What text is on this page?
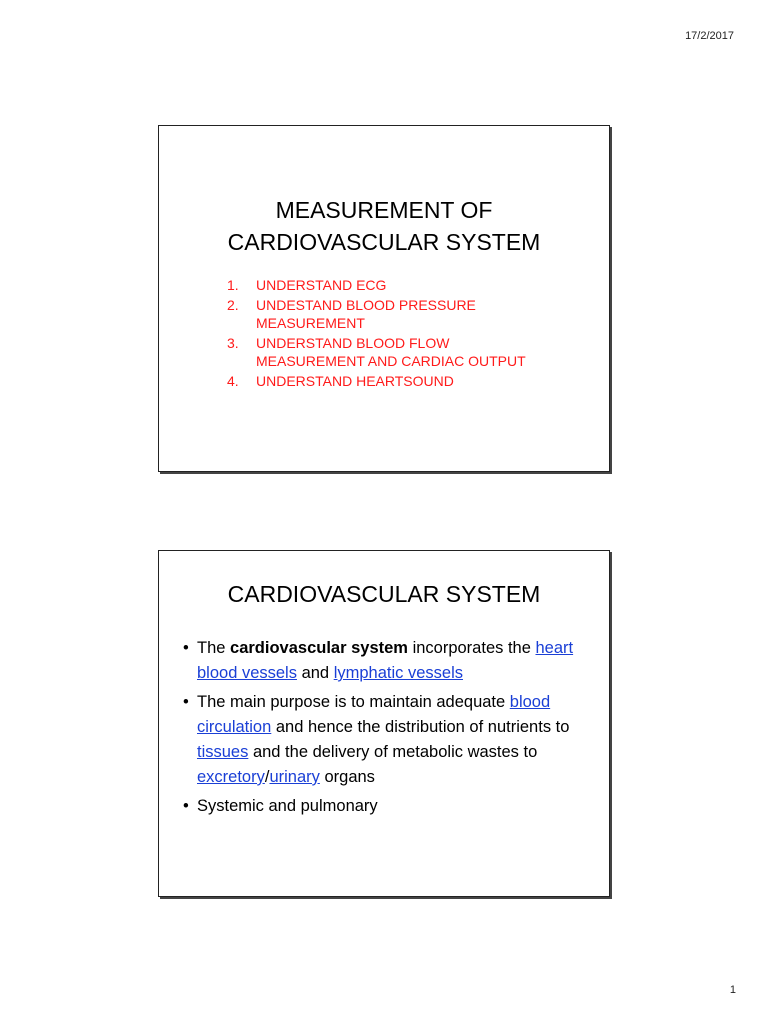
17/2/2017
MEASUREMENT OF
CARDIOVASCULAR SYSTEM
1.	UNDERSTAND ECG
2.	UNDESTAND BLOOD PRESSURE MEASUREMENT
3.	UNDERSTAND BLOOD FLOW MEASUREMENT AND CARDIAC OUTPUT
4.	UNDERSTAND HEARTSOUND
CARDIOVASCULAR SYSTEM
• The cardiovascular system incorporates the heart blood vessels and lymphatic vessels
• The main purpose is to maintain adequate blood circulation and hence the distribution of nutrients to tissues and the delivery of metabolic wastes to excretory/urinary organs
• Systemic and pulmonary
1
